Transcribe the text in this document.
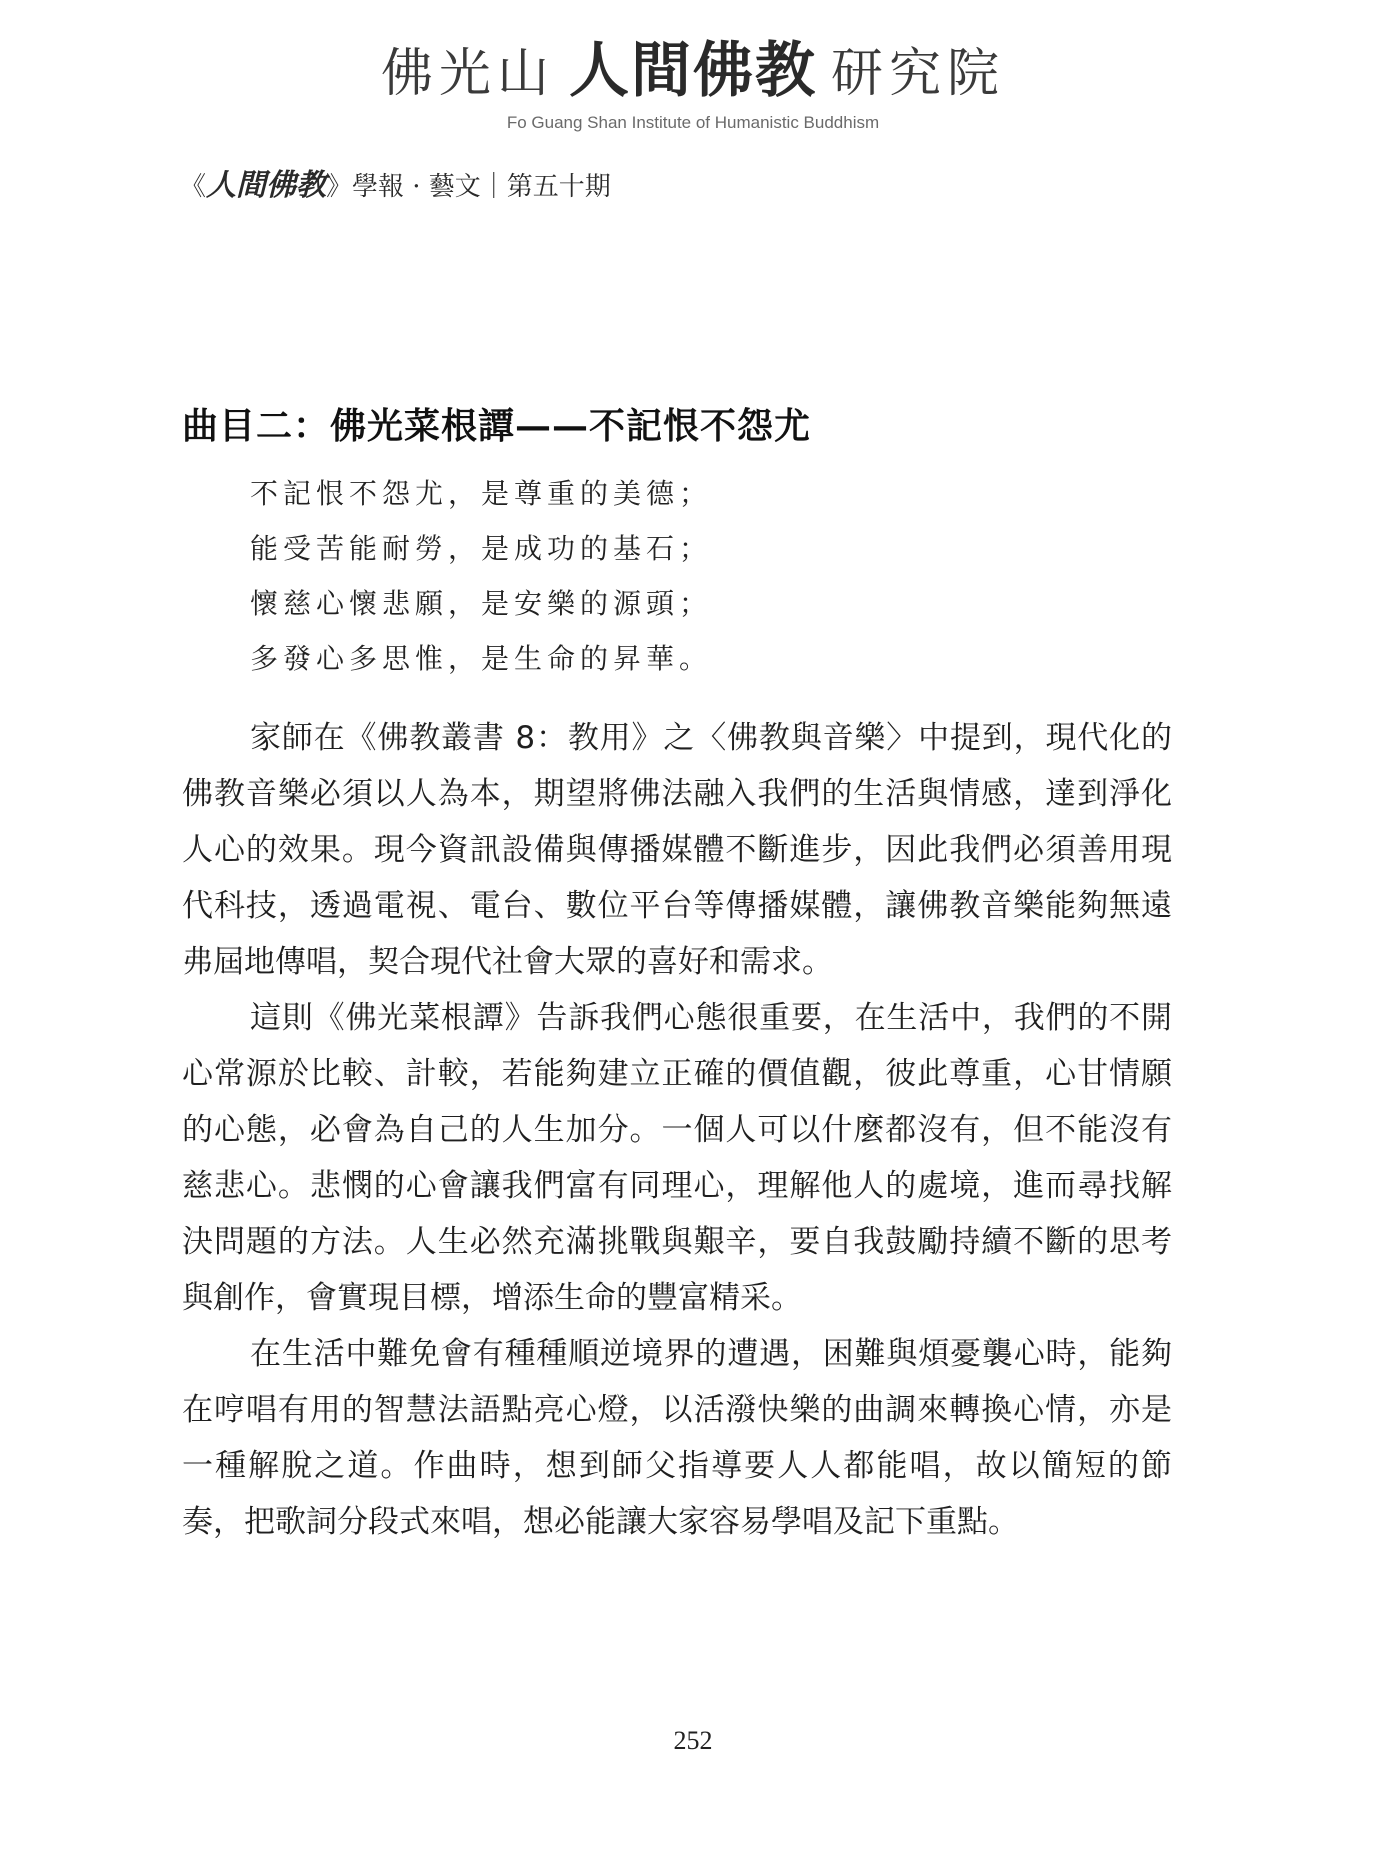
佛光山 人間佛教 研究院
Fo Guang Shan Institute of Humanistic Buddhism
《人間佛教》學報 · 藝文｜第五十期
曲目二：佛光菜根譚——不記恨不怨尤
不記恨不怨尤，是尊重的美德；
能受苦能耐勞，是成功的基石；
懷慈心懷悲願，是安樂的源頭；
多發心多思惟，是生命的昇華。

家師在《佛教叢書 8：教用》之〈佛教與音樂〉中提到，現代化的佛教音樂必須以人為本，期望將佛法融入我們的生活與情感，達到淨化人心的效果。現今資訊設備與傳播媒體不斷進步，因此我們必須善用現代科技，透過電視、電台、數位平台等傳播媒體，讓佛教音樂能夠無遠弗屆地傳唱，契合現代社會大眾的喜好和需求。

這則《佛光菜根譚》告訴我們心態很重要，在生活中，我們的不開心常源於比較、計較，若能夠建立正確的價值觀，彼此尊重，心甘情願的心態，必會為自己的人生加分。一個人可以什麼都沒有，但不能沒有慈悲心。悲憫的心會讓我們富有同理心，理解他人的處境，進而尋找解決問題的方法。人生必然充滿挑戰與艱辛，要自我鼓勵持續不斷的思考與創作，會實現目標，增添生命的豐富精采。

在生活中難免會有種種順逆境界的遭遇，困難與煩憂襲心時，能夠在哼唱有用的智慧法語點亮心燈，以活潑快樂的曲調來轉換心情，亦是一種解脫之道。作曲時，想到師父指導要人人都能唱，故以簡短的節奏，把歌詞分段式來唱，想必能讓大家容易學唱及記下重點。

252
